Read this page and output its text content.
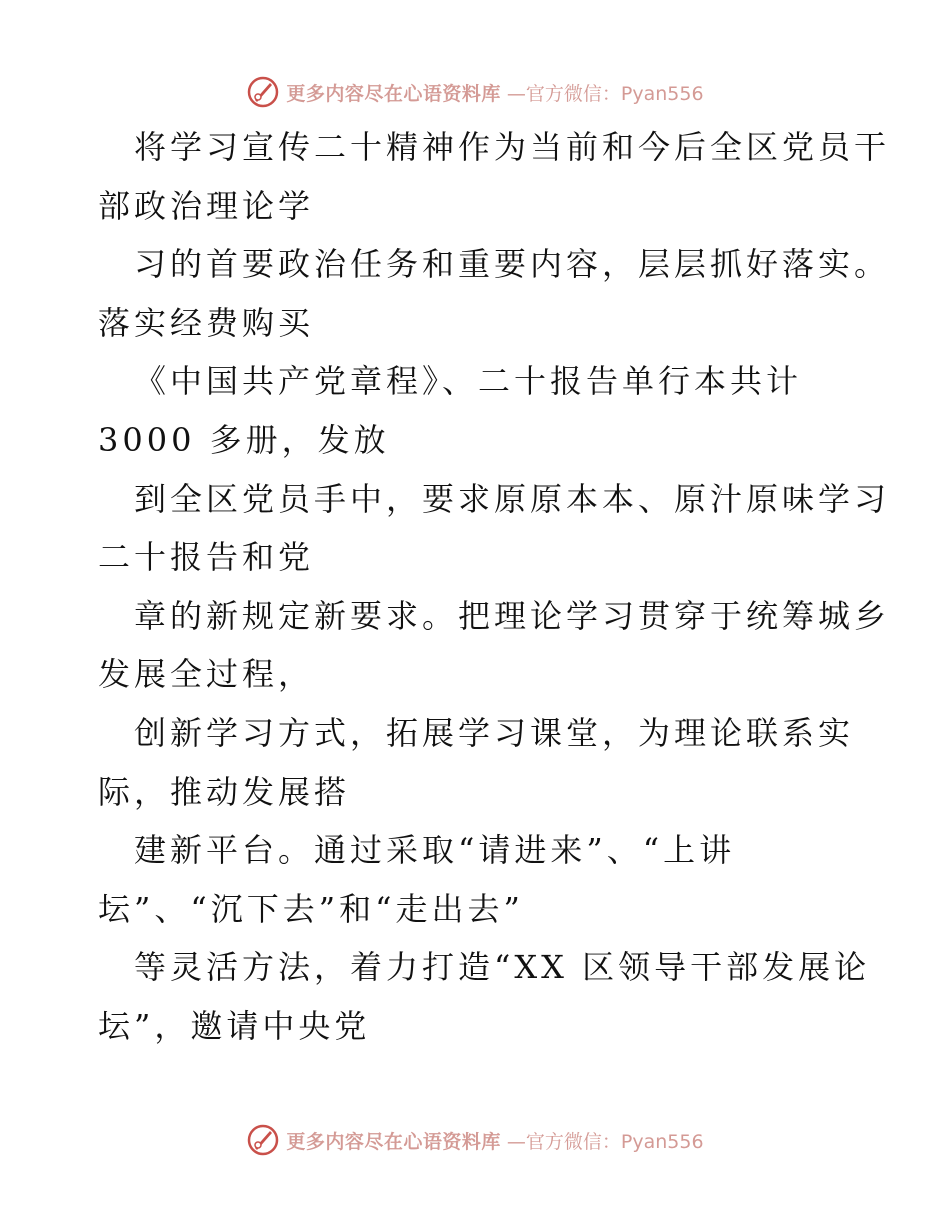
更多内容尽在心语资料库 —官方微信：Pyan556
将学习宣传二十精神作为当前和今后全区党员干
部政治理论学
习的首要政治任务和重要内容，层层抓好落实。
落实经费购买
《中国共产党章程》、二十报告单行本共计
3000 多册，发放
到全区党员手中，要求原原本本、原汁原味学习
二十报告和党
章的新规定新要求。把理论学习贯穿于统筹城乡
发展全过程，
创新学习方式，拓展学习课堂，为理论联系实
际，推动发展搭
建新平台。通过采取“请进来”、“上讲
坛”、“沉下去”和“走出去”
等灵活方法，着力打造“XX 区领导干部发展论
坛”，邀请中央党
更多内容尽在心语资料库 —官方微信：Pyan556
